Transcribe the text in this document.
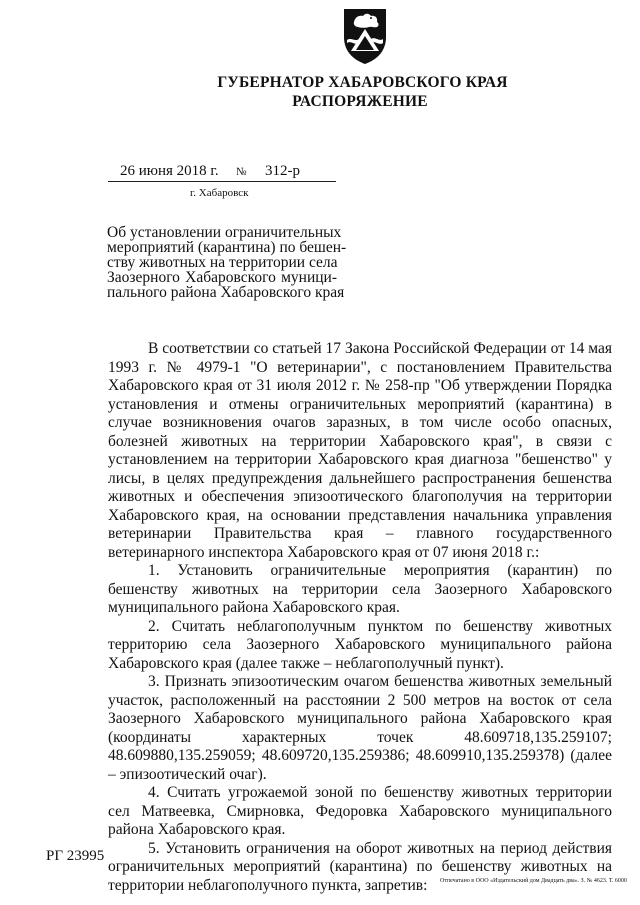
ГУБЕРНАТОР ХАБАРОВСКОГО КРАЯ
РАСПОРЯЖЕНИЕ
26 июня 2018 г. № 312-р
г. Хабаровск
Об установлении ограничительных
мероприятий (карантина) по бешен-
ству животных на территории села
Заозерного Хабаровского муници-
пального района Хабаровского края

В соответствии со статьей 17 Закона Российской Федерации от 14 мая 1993 г. № 4979-1 "О ветеринарии", с постановлением Правительства Хабаровского края от 31 июля 2012 г. № 258-пр "Об утверждении Порядка установления и отмены ограничительных мероприятий (карантина) в случае возникновения очагов заразных, в том числе особо опасных, болезней животных на территории Хабаровского края", в связи с установлением на территории Хабаровского края диагноза "бешенство" у лисы, в целях предупреждения дальнейшего распространения бешенства животных и обеспечения эпизоотического благополучия на территории Хабаровского края, на основании представления начальника управления ветеринарии Правительства края – главного государственного ветеринарного инспектора Хабаровского края от 07 июня 2018 г.:

1. Установить ограничительные мероприятия (карантин) по бешенству животных на территории села Заозерного Хабаровского муниципального района Хабаровского края.

2. Считать неблагополучным пунктом по бешенству животных территорию села Заозерного Хабаровского муниципального района Хабаровского края (далее также – неблагополучный пункт).

3. Признать эпизоотическим очагом бешенства животных земельный участок, расположенный на расстоянии 2 500 метров на восток от села Заозерного Хабаровского муниципального района Хабаровского края (координаты характерных точек 48.609718,135.259107; 48.609880,135.259059; 48.609720,135.259386; 48.609910,135.259378) (далее – эпизоотический очаг).

4. Считать угрожаемой зоной по бешенству животных территории сел Матвеевка, Смирновка, Федоровка Хабаровского муниципального района Хабаровского края.

5. Установить ограничения на оборот животных на период действия ограничительных мероприятий (карантина) по бешенству животных на территории неблагополучного пункта, запретив:

РГ 23995
Отпечатано в ООО «Издательский дом Двадцать два». З. № 4623. Т. 6000
